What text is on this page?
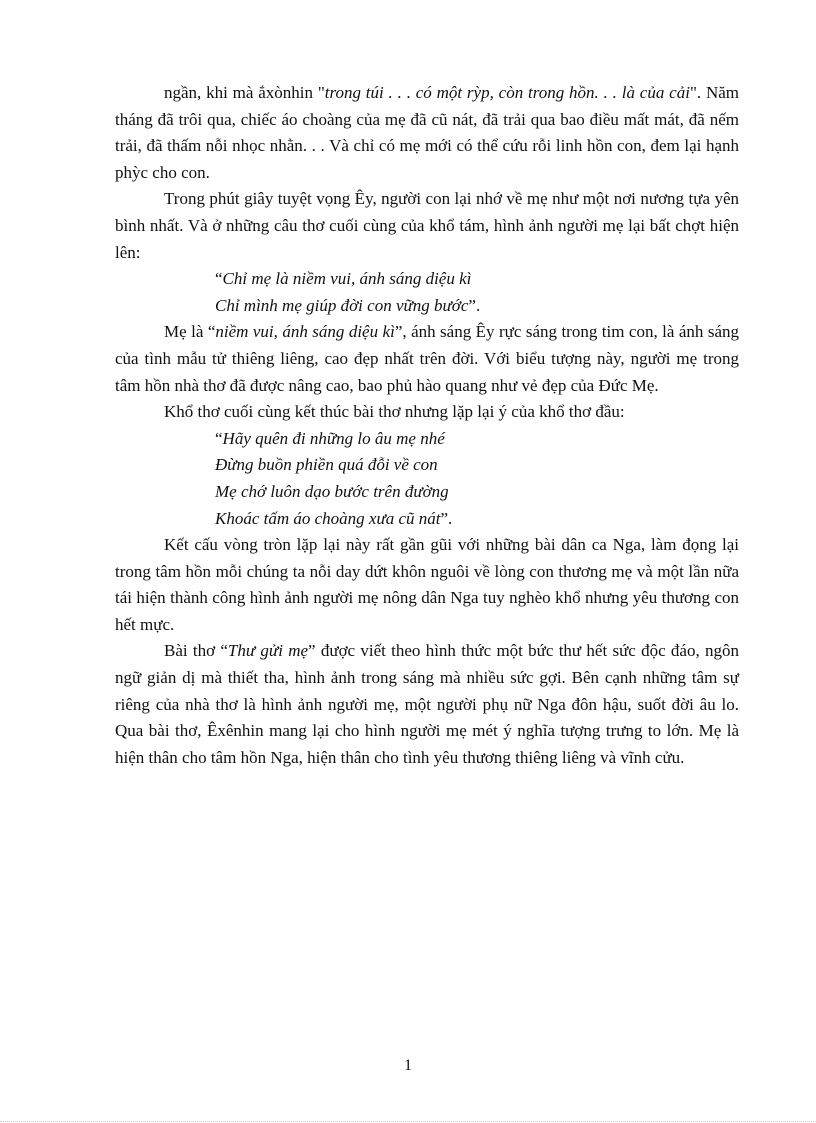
ngần, khi mà ắxònhin "trong túi . . . có một rỳp, còn trong hồn. . . là của cải". Năm tháng đã trôi qua, chiếc áo choàng của mẹ đã cũ nát, đã trải qua bao điều mất mát, đã nếm trải, đã thấm nỗi nhọc nhằn. . . Và chỉ có mẹ mới có thể cứu rỗi linh hồn con, đem lại hạnh phỳc cho con.

Trong phút giây tuyệt vọng Êy, người con lại nhớ về mẹ như một nơi nương tựa yên bình nhất. Và ở những câu thơ cuối cùng của khổ tám, hình ảnh người mẹ lại bất chợt hiện lên:

“Chỉ mẹ là niềm vui, ánh sáng diệu kì
Chỉ mình mẹ giúp đời con vững bước”.

Mẹ là “niềm vui, ánh sáng diệu kì”, ánh sáng Êy rực sáng trong tim con, là ánh sáng của tình mẫu tử thiêng liêng, cao đẹp nhất trên đời. Với biểu tượng này, người mẹ trong tâm hồn nhà thơ đã được nâng cao, bao phủ hào quang như vẻ đẹp của Đức Mẹ.

Khổ thơ cuối cùng kết thúc bài thơ nhưng lặp lại ý của khổ thơ đầu:

“Hãy quên đi những lo âu mẹ nhé
Đừng buồn phiền quá đỗi về con
Mẹ chớ luôn dạo bước trên đường
Khoác tấm áo choàng xưa cũ nát”.

Kết cấu vòng tròn lặp lại này rất gần gũi với những bài dân ca Nga, làm đọng lại trong tâm hồn mỗi chúng ta nỗi day dứt khôn nguôi về lòng con thương mẹ và một lần nữa tái hiện thành công hình ảnh người mẹ nông dân Nga tuy nghèo khổ nhưng yêu thương con hết mực.

Bài thơ “Thư gửi mẹ” được viết theo hình thức một bức thư hết sức độc đáo, ngôn ngữ giản dị mà thiết tha, hình ảnh trong sáng mà nhiều sức gợi. Bên cạnh những tâm sự riêng của nhà thơ là hình ảnh người mẹ, một người phụ nữ Nga đôn hậu, suốt đời âu lo. Qua bài thơ, Êxênhin mang lại cho hình người mẹ mét ý nghĩa tượng trưng to lớn. Mẹ là hiện thân cho tâm hồn Nga, hiện thân cho tình yêu thương thiêng liêng và vĩnh cửu.

1
